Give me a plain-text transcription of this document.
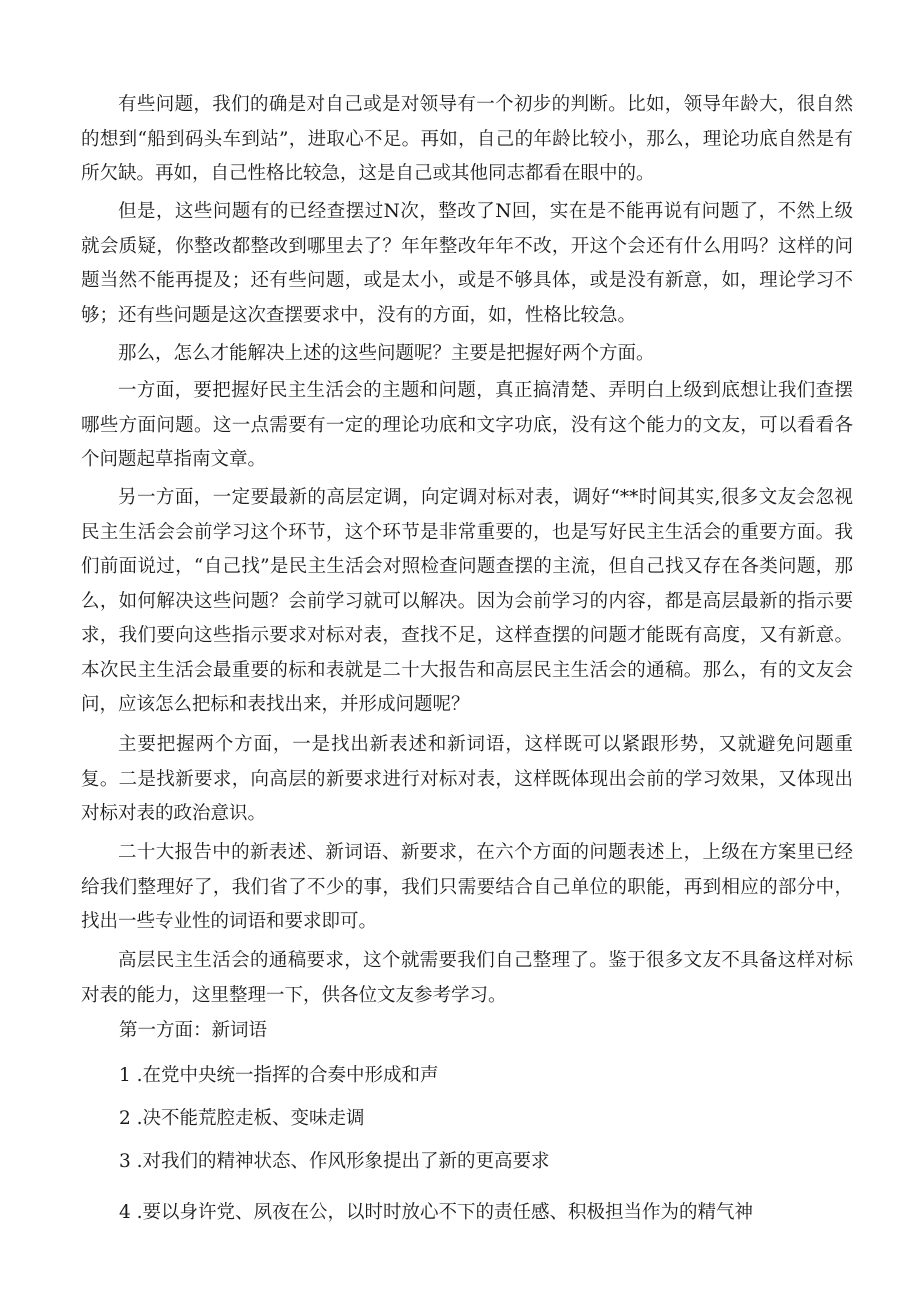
有些问题，我们的确是对自己或是对领导有一个初步的判断。比如，领导年龄大，很自然的想到“船到码头车到站”，进取心不足。再如，自己的年龄比较小，那么，理论功底自然是有所欠缺。再如，自己性格比较急，这是自己或其他同志都看在眼中的。

但是，这些问题有的已经查摆过N次，整改了N回，实在是不能再说有问题了，不然上级就会质疑，你整改都整改到哪里去了？年年整改年年不改，开这个会还有什么用吗？这样的问题当然不能再提及；还有些问题，或是太小，或是不够具体，或是没有新意，如，理论学习不够；还有些问题是这次查摆要求中，没有的方面，如，性格比较急。

那么，怎么才能解决上述的这些问题呢？主要是把握好两个方面。

一方面，要把握好民主生活会的主题和问题，真正搞清楚、弄明白上级到底想让我们查摆哪些方面问题。这一点需要有一定的理论功底和文字功底，没有这个能力的文友，可以看看各个问题起草指南文章。

另一方面，一定要最新的高层定调，向定调对标对表，调好“**时间其实,很多文友会忽视民主生活会会前学习这个环节，这个环节是非常重要的，也是写好民主生活会的重要方面。我们前面说过，“自己找”是民主生活会对照检查问题查摆的主流，但自己找又存在各类问题，那么，如何解决这些问题？会前学习就可以解决。因为会前学习的内容，都是高层最新的指示要求，我们要向这些指示要求对标对表，查找不足，这样查摆的问题才能既有高度，又有新意。本次民主生活会最重要的标和表就是二十大报告和高层民主生活会的通稿。那么，有的文友会问，应该怎么把标和表找出来，并形成问题呢？

主要把握两个方面，一是找出新表述和新词语，这样既可以紧跟形势，又就避免问题重复。二是找新要求，向高层的新要求进行对标对表，这样既体现出会前的学习效果，又体现出对标对表的政治意识。

二十大报告中的新表述、新词语、新要求，在六个方面的问题表述上，上级在方案里已经给我们整理好了，我们省了不少的事，我们只需要结合自己单位的职能，再到相应的部分中，找出一些专业性的词语和要求即可。

高层民主生活会的通稿要求，这个就需要我们自己整理了。鉴于很多文友不具备这样对标对表的能力，这里整理一下，供各位文友参考学习。

第一方面：新词语

1 .在党中央统一指挥的合奏中形成和声

2 .决不能荒腔走板、变味走调

3 .对我们的精神状态、作风形象提出了新的更高要求

4 .要以身许党、夙夜在公，以时时放心不下的责任感、积极担当作为的精气神
